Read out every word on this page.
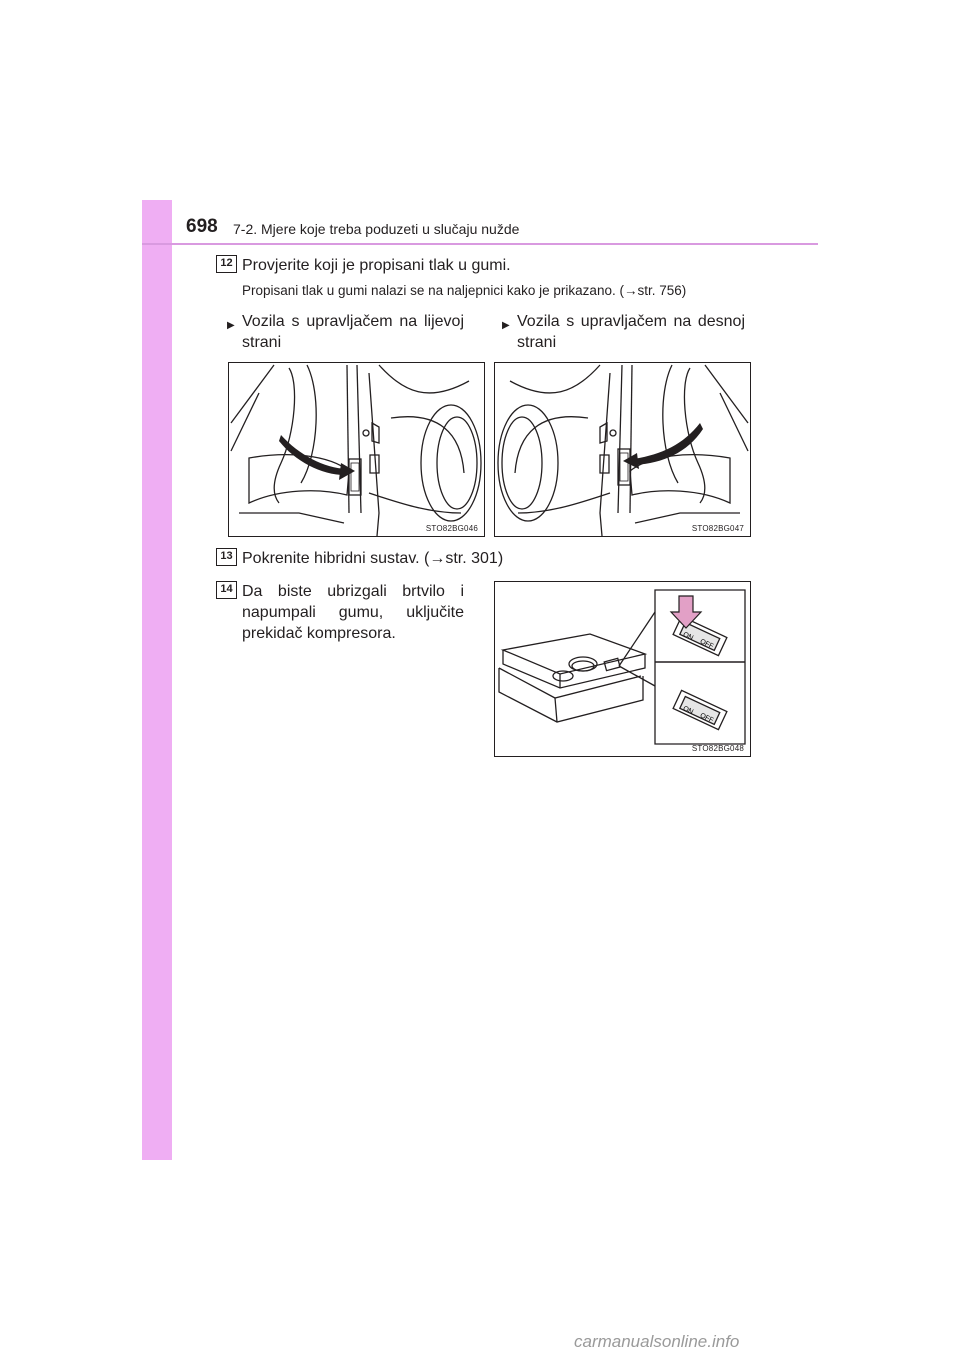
698 7-2. Mjere koje treba poduzeti u slučaju nužde
12 Provjerite koji je propisani tlak u gumi.
Propisani tlak u gumi nalazi se na naljepnici kako je prikazano. (→str. 756)
▶ Vozila s upravljačem na lijevoj strani
▶ Vozila s upravljačem na desnoj strani
STO82BG046	STO82BG047
13 Pokrenite hibridni sustav. (→str. 301)
14 Da biste ubrizgali brtvilo i napumpali gumu, uključite prekidač kompresora.	ON
OFF
ON
OFF
STO82BG048
carmanualsonline.info
